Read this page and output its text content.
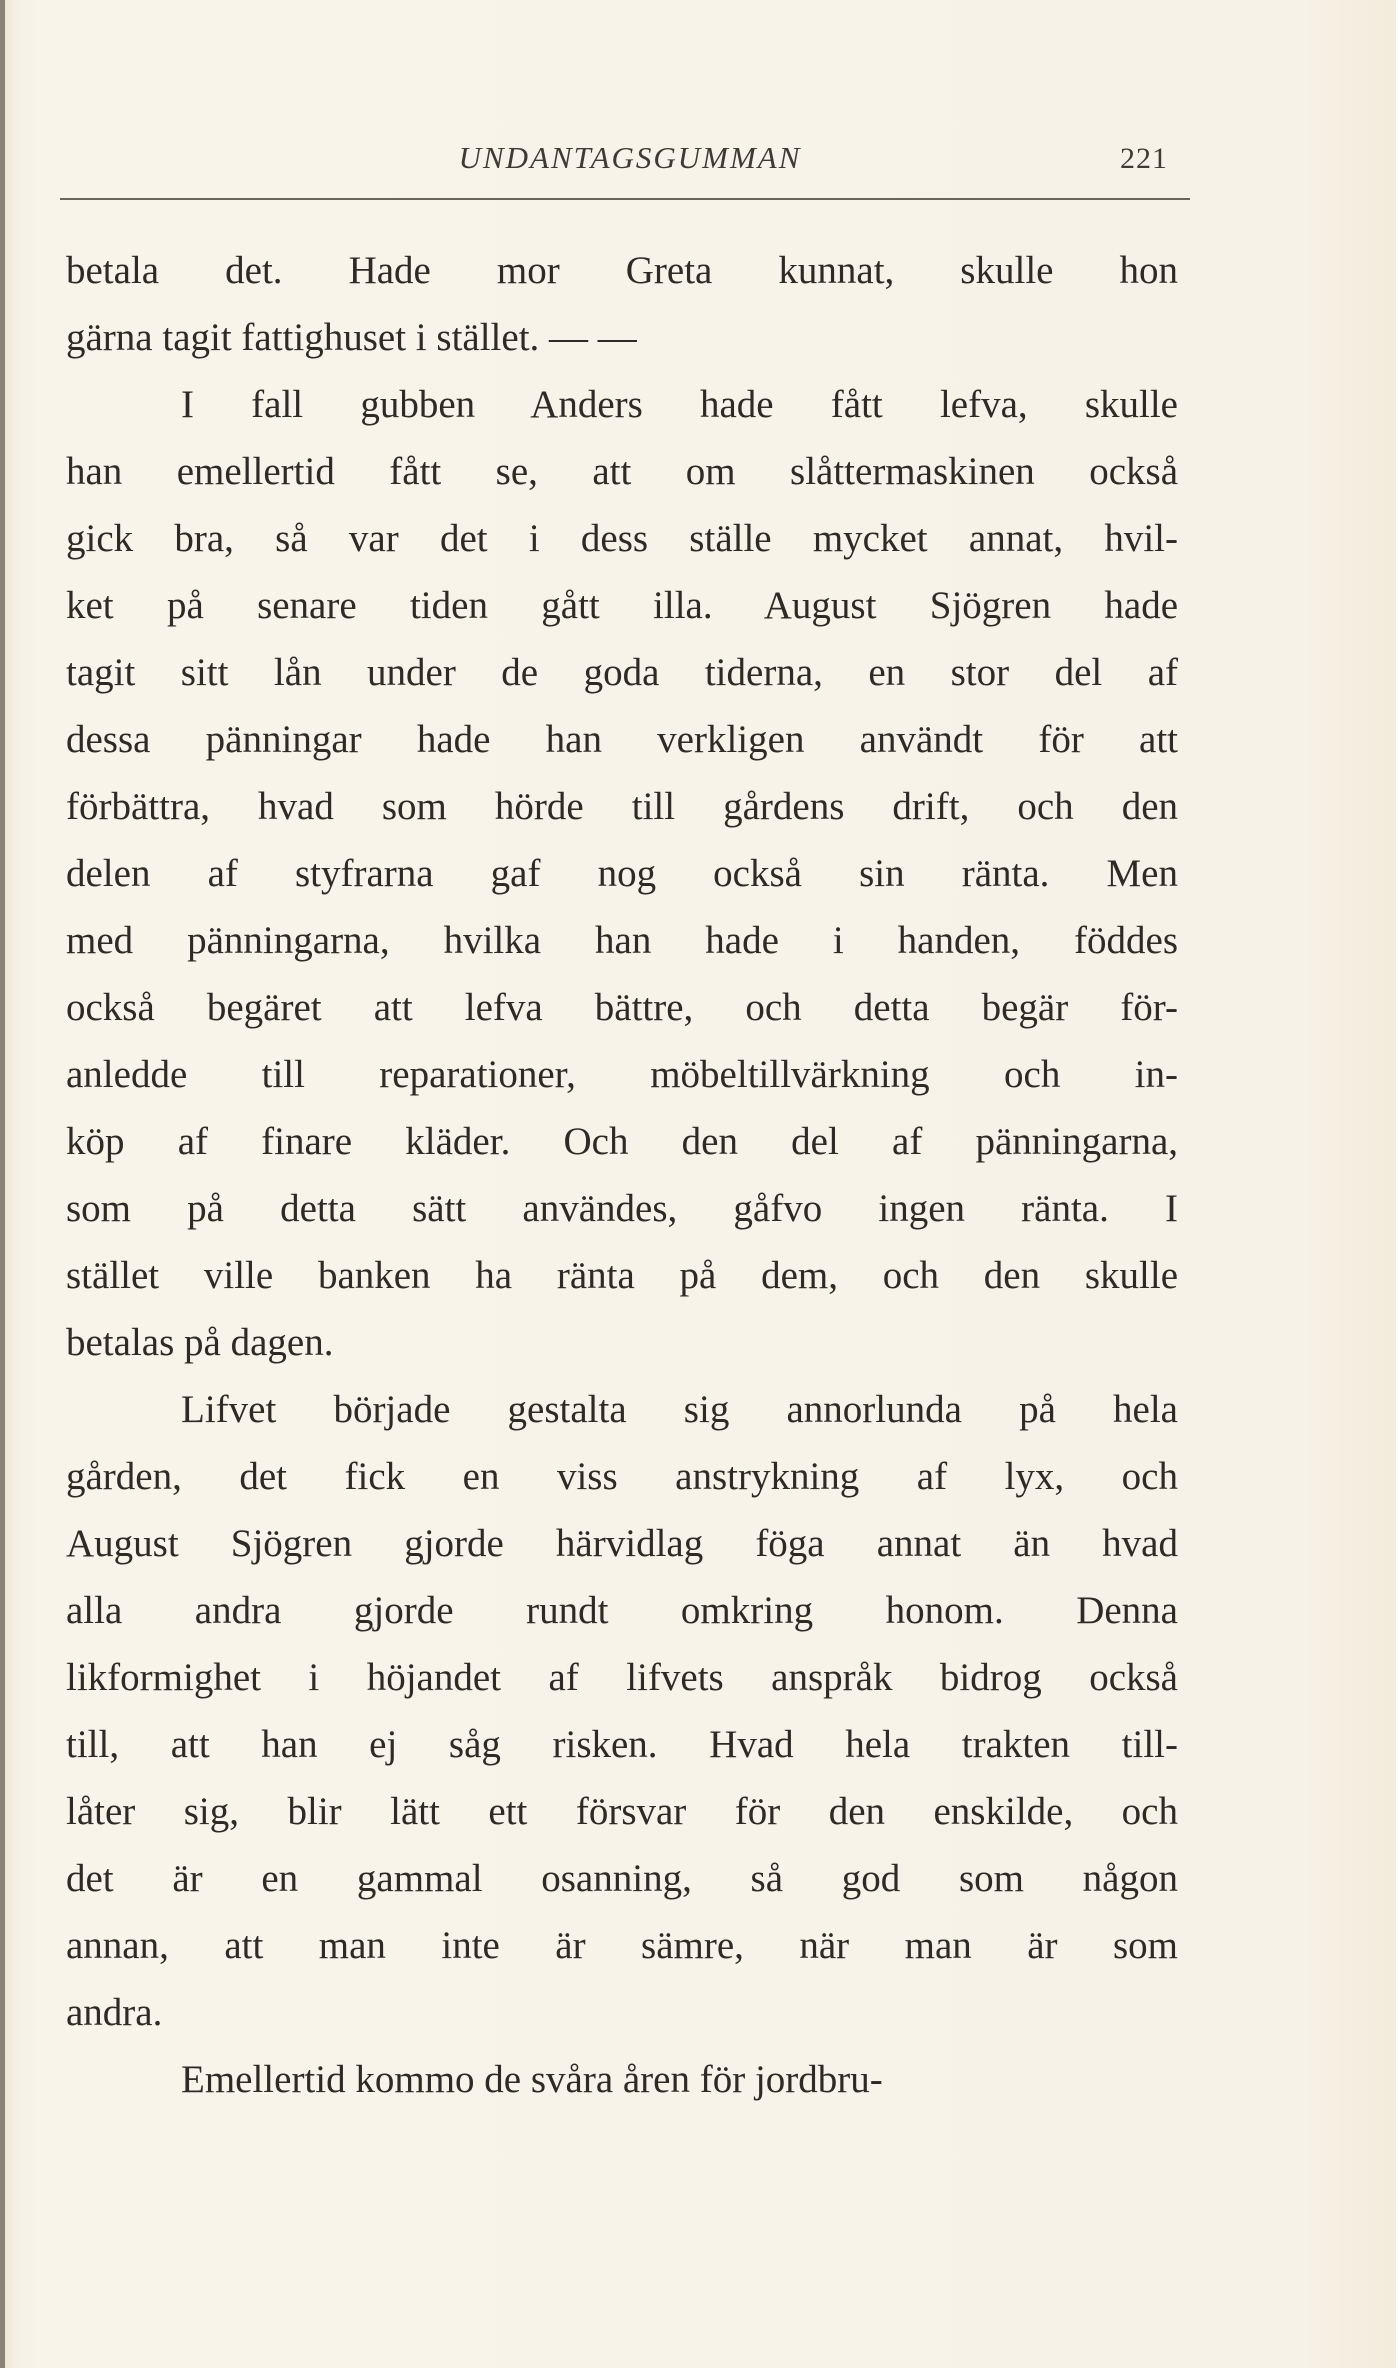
UNDANTAGSGUMMAN	221
betala det. Hade mor Greta kunnat, skulle hon
gärna tagit fattighuset i stället. — —
I fall gubben Anders hade fått lefva, skulle
han emellertid fått se, att om slåttermaskinen också
gick bra, så var det i dess ställe mycket annat, hvil-
ket på senare tiden gått illa. August Sjögren hade
tagit sitt lån under de goda tiderna, en stor del af
dessa pänningar hade han verkligen användt för att
förbättra, hvad som hörde till gårdens drift, och den
delen af styfrarna gaf nog också sin ränta. Men
med pänningarna, hvilka han hade i handen, föddes
också begäret att lefva bättre, och detta begär för-
anledde till reparationer, möbeltillvärkning och in-
köp af finare kläder. Och den del af pänningarna,
som på detta sätt användes, gåfvo ingen ränta. I
stället ville banken ha ränta på dem, och den skulle
betalas på dagen.
Lifvet började gestalta sig annorlunda på hela
gården, det fick en viss anstrykning af lyx, och
August Sjögren gjorde härvidlag föga annat än hvad
alla andra gjorde rundt omkring honom. Denna
likformighet i höjandet af lifvets anspråk bidrog också
till, att han ej såg risken. Hvad hela trakten till-
låter sig, blir lätt ett försvar för den enskilde, och
det är en gammal osanning, så god som någon
annan, att man inte är sämre, när man är som
andra.
Emellertid kommo de svåra åren för jordbru-
